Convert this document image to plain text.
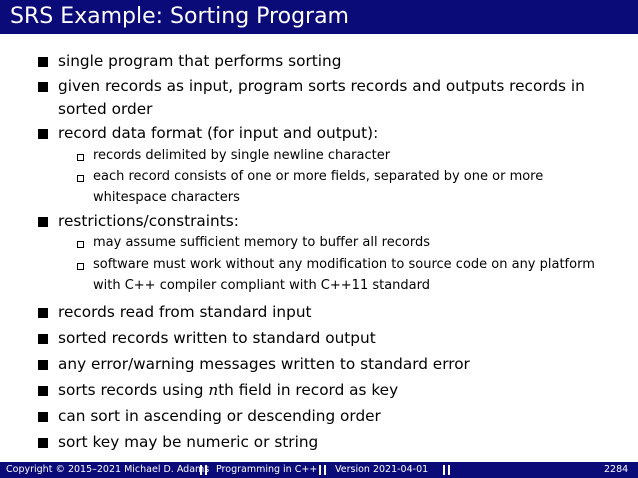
SRS Example: Sorting Program
single program that performs sorting
given records as input, program sorts records and outputs records in
sorted order
record data format (for input and output):
records delimited by single newline character
each record consists of one or more fields, separated by one or more
whitespace characters
restrictions/constraints:
may assume sufficient memory to buffer all records
software must work without any modification to source code on any platform
with C++ compiler compliant with C++11 standard
records read from standard input
sorted records written to standard output
any error/warning messages written to standard error
sorts records using nth field in record as key
can sort in ascending or descending order
sort key may be numeric or string
Copyright © 2015–2021 Michael D. Adams Programming in C++ Version 2021-04-01	2284
